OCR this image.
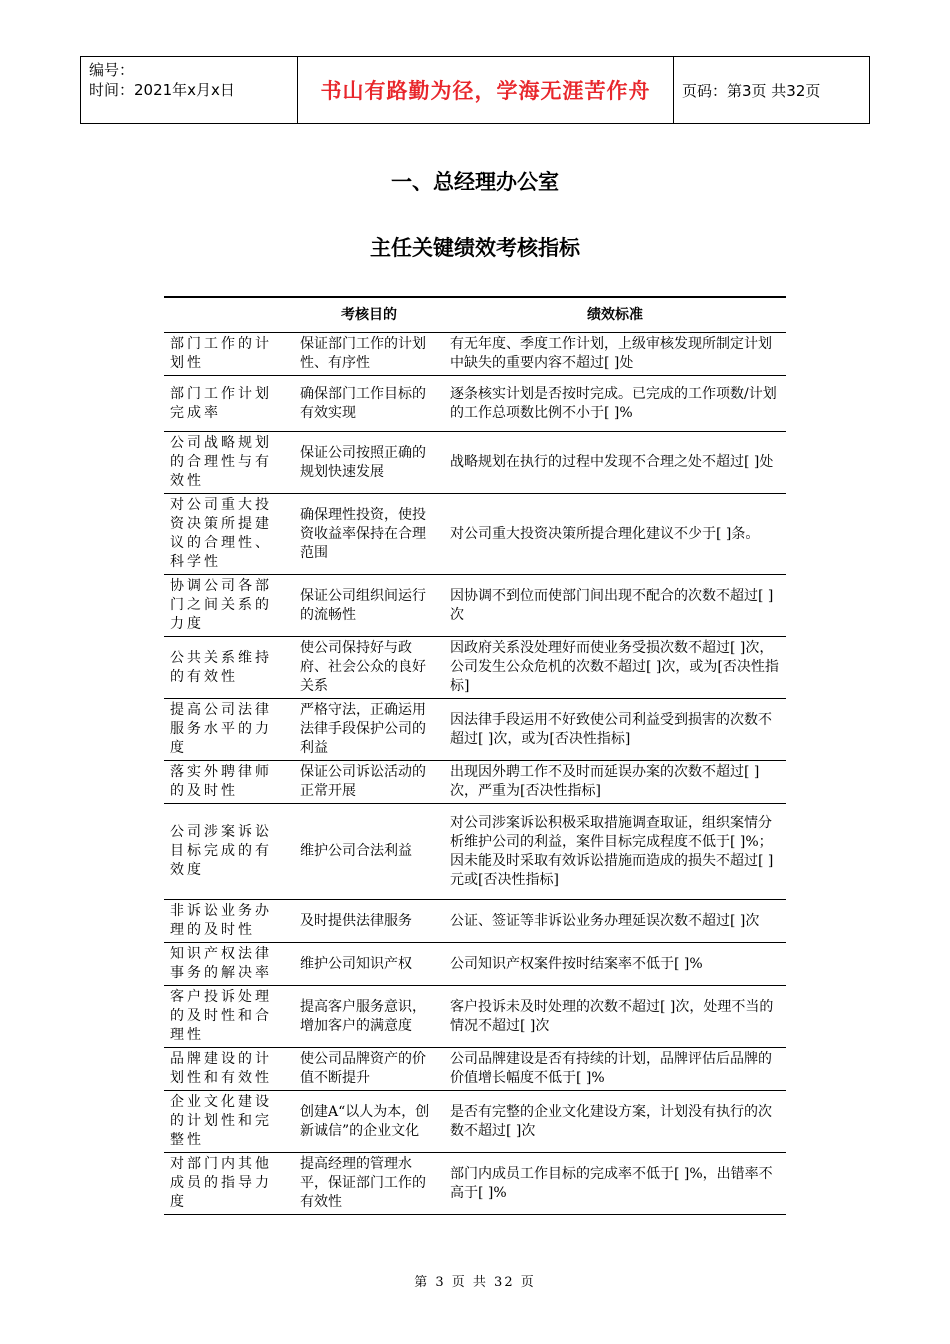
编号：
时间：2021年x月x日	书山有路勤为径，学海无涯苦作舟	页码：第3页 共32页
一、总经理办公室
主任关键绩效考核指标
	考核目的	绩效标准
部门工作的计划性	保证部门工作的计划性、有序性	有无年度、季度工作计划，上级审核发现所制定计划中缺失的重要内容不超过[ ]处
部门工作计划完成率	确保部门工作目标的有效实现	逐条核实计划是否按时完成。已完成的工作项数/计划的工作总项数比例不小于[ ]%
公司战略规划的合理性与有效性	保证公司按照正确的规划快速发展	战略规划在执行的过程中发现不合理之处不超过[ ]处
对公司重大投资决策所提建议的合理性、科学性	确保理性投资，使投资收益率保持在合理范围	对公司重大投资决策所提合理化建议不少于[ ]条。
协调公司各部门之间关系的力度	保证公司组织间运行的流畅性	因协调不到位而使部门间出现不配合的次数不超过[ ]次
公共关系维持的有效性	使公司保持好与政府、社会公众的良好关系	因政府关系没处理好而使业务受损次数不超过[ ]次，公司发生公众危机的次数不超过[ ]次，或为[否决性指标]
提高公司法律服务水平的力度	严格守法，正确运用法律手段保护公司的利益	因法律手段运用不好致使公司利益受到损害的次数不超过[ ]次，或为[否决性指标]
落实外聘律师的及时性	保证公司诉讼活动的正常开展	出现因外聘工作不及时而延误办案的次数不超过[ ]次，严重为[否决性指标]
公司涉案诉讼目标完成的有效度	维护公司合法利益	对公司涉案诉讼积极采取措施调查取证，组织案情分析维护公司的利益，案件目标完成程度不低于[ ]%；因未能及时采取有效诉讼措施而造成的损失不超过[ ]元或[否决性指标]
非诉讼业务办理的及时性	及时提供法律服务	公证、签证等非诉讼业务办理延误次数不超过[ ]次
知识产权法律事务的解决率	维护公司知识产权	公司知识产权案件按时结案率不低于[ ]%
客户投诉处理的及时性和合理性	提高客户服务意识，增加客户的满意度	客户投诉未及时处理的次数不超过[ ]次，处理不当的情况不超过[ ]次
品牌建设的计划性和有效性	使公司品牌资产的价值不断提升	公司品牌建设是否有持续的计划，品牌评估后品牌的价值增长幅度不低于[ ]%
企业文化建设的计划性和完整性	创建A“以人为本，创新诚信”的企业文化	是否有完整的企业文化建设方案，计划没有执行的次数不超过[ ]次
对部门内其他成员的指导力度	提高经理的管理水平，保证部门工作的有效性	部门内成员工作目标的完成率不低于[ ]%，出错率不高于[ ]%
第 3 页 共 32 页
